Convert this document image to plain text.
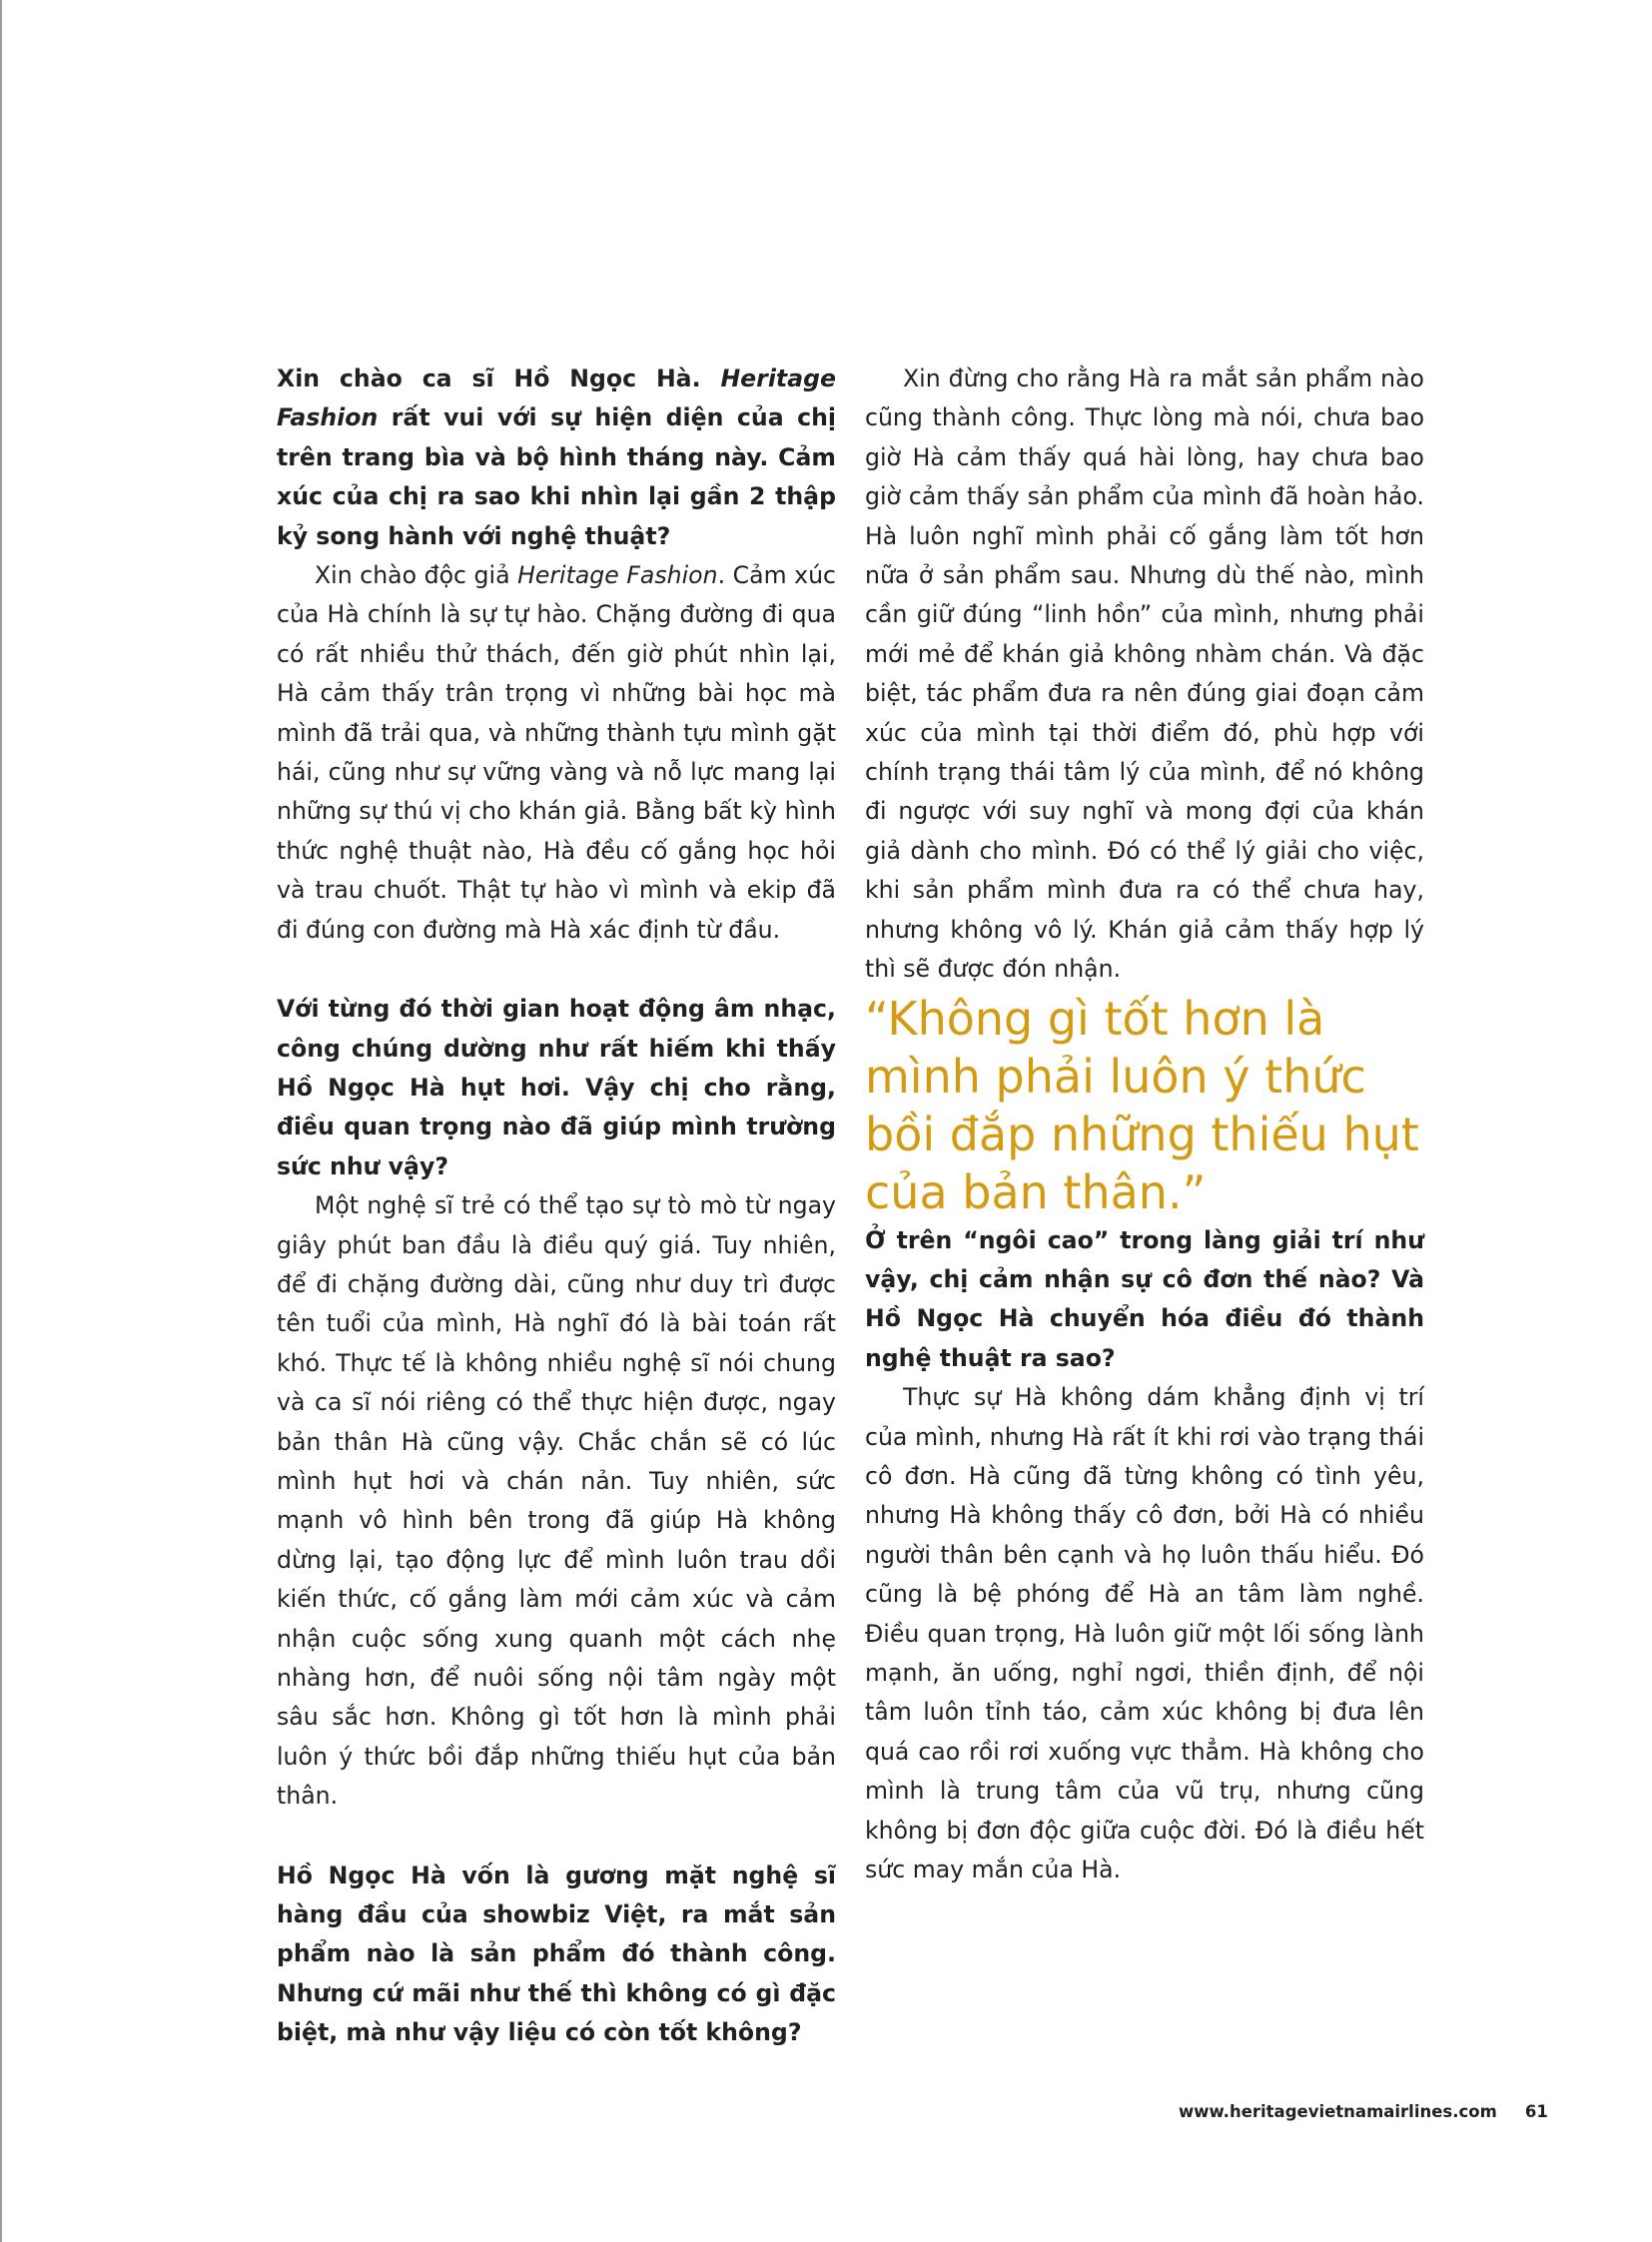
Xin chào ca sĩ Hồ Ngọc Hà. Heritage Fashion rất vui với sự hiện diện của chị trên trang bìa và bộ hình tháng này. Cảm xúc của chị ra sao khi nhìn lại gần 2 thập kỷ song hành với nghệ thuật?

Xin chào độc giả Heritage Fashion. Cảm xúc của Hà chính là sự tự hào. Chặng đường đi qua có rất nhiều thử thách, đến giờ phút nhìn lại, Hà cảm thấy trân trọng vì những bài học mà mình đã trải qua, và những thành tựu mình gặt hái, cũng như sự vững vàng và nỗ lực mang lại những sự thú vị cho khán giả. Bằng bất kỳ hình thức nghệ thuật nào, Hà đều cố gắng học hỏi và trau chuốt. Thật tự hào vì mình và ekip đã đi đúng con đường mà Hà xác định từ đầu.

Với từng đó thời gian hoạt động âm nhạc, công chúng dường như rất hiếm khi thấy Hồ Ngọc Hà hụt hơi. Vậy chị cho rằng, điều quan trọng nào đã giúp mình trường sức như vậy?

Một nghệ sĩ trẻ có thể tạo sự tò mò từ ngay giây phút ban đầu là điều quý giá. Tuy nhiên, để đi chặng đường dài, cũng như duy trì được tên tuổi của mình, Hà nghĩ đó là bài toán rất khó. Thực tế là không nhiều nghệ sĩ nói chung và ca sĩ nói riêng có thể thực hiện được, ngay bản thân Hà cũng vậy. Chắc chắn sẽ có lúc mình hụt hơi và chán nản. Tuy nhiên, sức mạnh vô hình bên trong đã giúp Hà không dừng lại, tạo động lực để mình luôn trau dồi kiến thức, cố gắng làm mới cảm xúc và cảm nhận cuộc sống xung quanh một cách nhẹ nhàng hơn, để nuôi sống nội tâm ngày một sâu sắc hơn. Không gì tốt hơn là mình phải luôn ý thức bồi đắp những thiếu hụt của bản thân.

Hồ Ngọc Hà vốn là gương mặt nghệ sĩ hàng đầu của showbiz Việt, ra mắt sản phẩm nào là sản phẩm đó thành công. Nhưng cứ mãi như thế thì không có gì đặc biệt, mà như vậy liệu có còn tốt không?

Xin đừng cho rằng Hà ra mắt sản phẩm nào cũng thành công. Thực lòng mà nói, chưa bao giờ Hà cảm thấy quá hài lòng, hay chưa bao giờ cảm thấy sản phẩm của mình đã hoàn hảo. Hà luôn nghĩ mình phải cố gắng làm tốt hơn nữa ở sản phẩm sau. Nhưng dù thế nào, mình cần giữ đúng “linh hồn” của mình, nhưng phải mới mẻ để khán giả không nhàm chán. Và đặc biệt, tác phẩm đưa ra nên đúng giai đoạn cảm xúc của mình tại thời điểm đó, phù hợp với chính trạng thái tâm lý của mình, để nó không đi ngược với suy nghĩ và mong đợi của khán giả dành cho mình. Đó có thể lý giải cho việc, khi sản phẩm mình đưa ra có thể chưa hay, nhưng không vô lý. Khán giả cảm thấy hợp lý thì sẽ được đón nhận.

“Không gì tốt hơn là mình phải luôn ý thức bồi đắp những thiếu hụt của bản thân.”

Ở trên “ngôi cao” trong làng giải trí như vậy, chị cảm nhận sự cô đơn thế nào? Và Hồ Ngọc Hà chuyển hóa điều đó thành nghệ thuật ra sao?

Thực sự Hà không dám khẳng định vị trí của mình, nhưng Hà rất ít khi rơi vào trạng thái cô đơn. Hà cũng đã từng không có tình yêu, nhưng Hà không thấy cô đơn, bởi Hà có nhiều người thân bên cạnh và họ luôn thấu hiểu. Đó cũng là bệ phóng để Hà an tâm làm nghề. Điều quan trọng, Hà luôn giữ một lối sống lành mạnh, ăn uống, nghỉ ngơi, thiền định, để nội tâm luôn tỉnh táo, cảm xúc không bị đưa lên quá cao rồi rơi xuống vực thẳm. Hà không cho mình là trung tâm của vũ trụ, nhưng cũng không bị đơn độc giữa cuộc đời. Đó là điều hết sức may mắn của Hà.

www.heritagevietnamairlines.com 61
